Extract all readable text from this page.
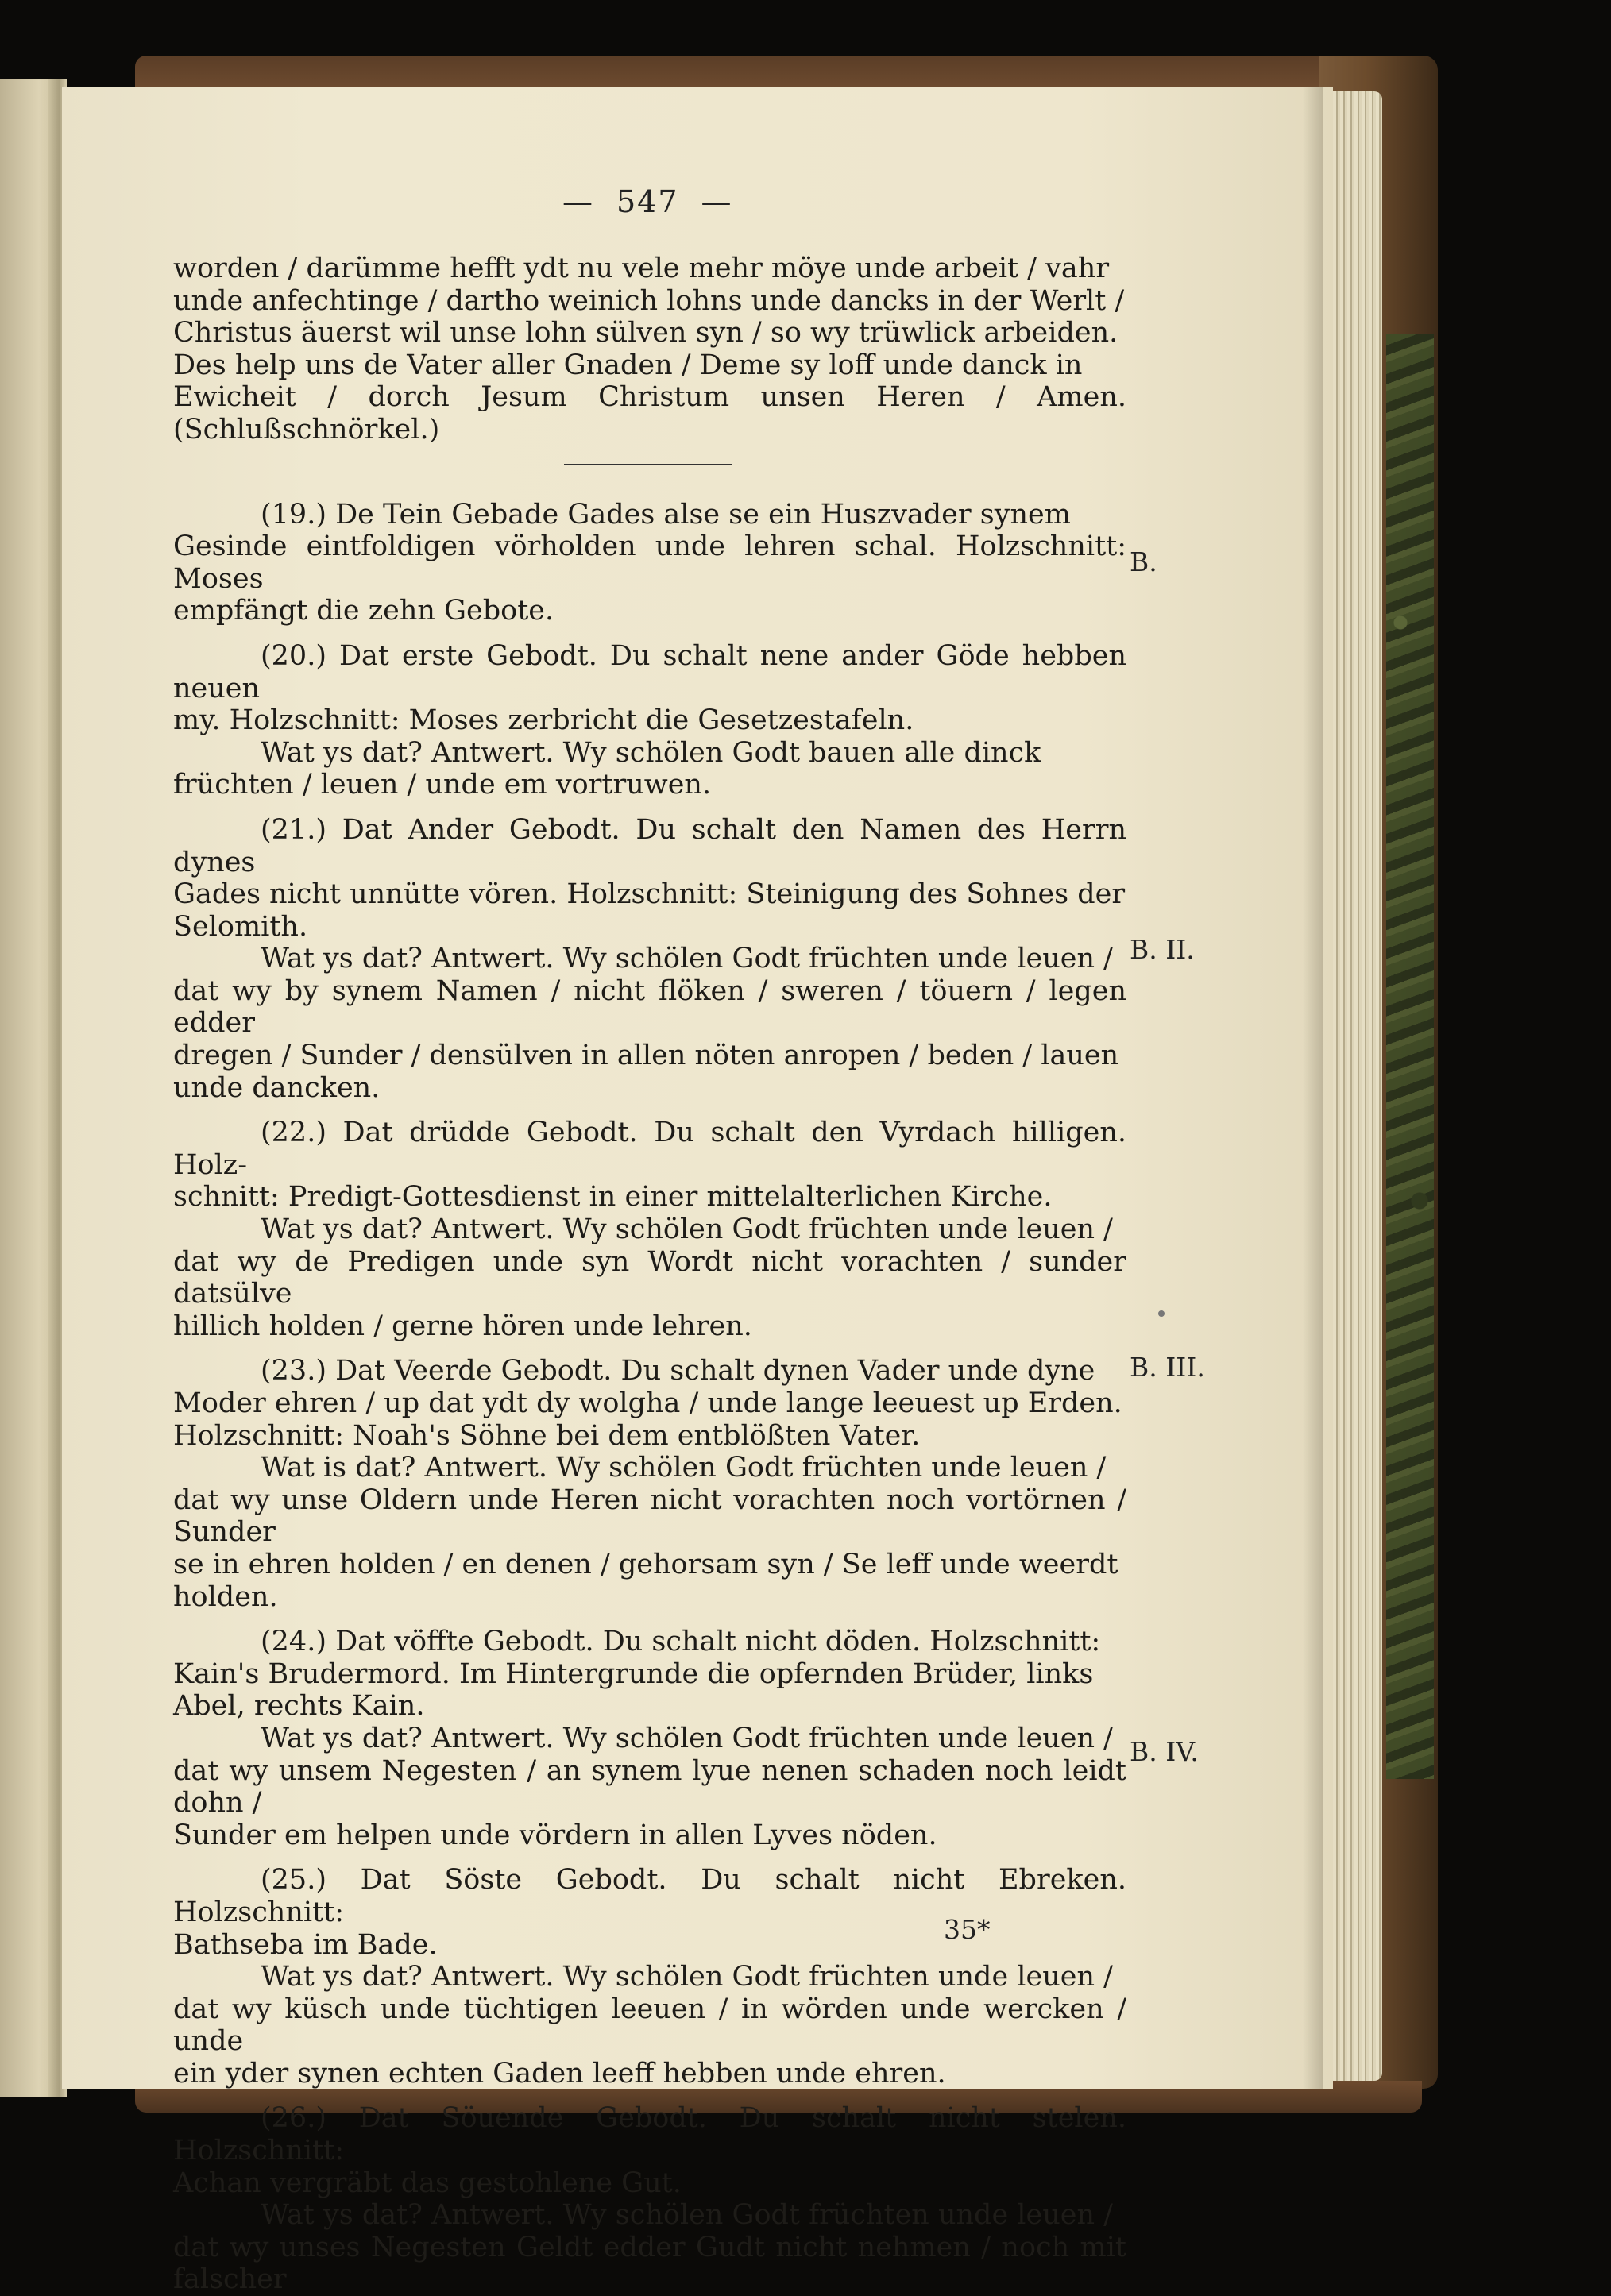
— 547 —
worden / darümme hefft ydt nu vele mehr möye unde arbeit / vahr
unde anfechtinge / dartho weinich lohns unde dancks in der Werlt /
Christus äuerst wil unse lohn sülven syn / so wy trüwlick arbeiden.
Des help uns de Vater aller Gnaden / Deme sy loff unde danck in
Ewicheit / dorch Jesum Christum unsen Heren / Amen. (Schlußschnörkel.)
(19.) De Tein Gebade Gades alse se ein Huszvader synem
Gesinde eintfoldigen vörholden unde lehren schal. Holzschnitt: Moses
empfängt die zehn Gebote.
(20.) Dat erste Gebodt. Du schalt nene ander Göde hebben neuen
my. Holzschnitt: Moses zerbricht die Gesetzestafeln.
Wat ys dat? Antwert. Wy schölen Godt bauen alle dinck
früchten / leuen / unde em vortruwen.
(21.) Dat Ander Gebodt. Du schalt den Namen des Herrn dynes
Gades nicht unnütte vören. Holzschnitt: Steinigung des Sohnes der
Selomith.
Wat ys dat? Antwert. Wy schölen Godt früchten unde leuen /
dat wy by synem Namen / nicht flöken / sweren / töuern / legen edder
dregen / Sunder / densülven in allen nöten anropen / beden / lauen
unde dancken.
(22.) Dat drüdde Gebodt. Du schalt den Vyrdach hilligen. Holz-
schnitt: Predigt-Gottesdienst in einer mittelalterlichen Kirche.
Wat ys dat? Antwert. Wy schölen Godt früchten unde leuen /
dat wy de Predigen unde syn Wordt nicht vorachten / sunder datsülve
hillich holden / gerne hören unde lehren.
(23.) Dat Veerde Gebodt. Du schalt dynen Vader unde dyne
Moder ehren / up dat ydt dy wolgha / unde lange leeuest up Erden.
Holzschnitt: Noah's Söhne bei dem entblößten Vater.
Wat is dat? Antwert. Wy schölen Godt früchten unde leuen /
dat wy unse Oldern unde Heren nicht vorachten noch vortörnen / Sunder
se in ehren holden / en denen / gehorsam syn / Se leff unde weerdt
holden.
(24.) Dat vöffte Gebodt. Du schalt nicht döden. Holzschnitt:
Kain's Brudermord. Im Hintergrunde die opfernden Brüder, links
Abel, rechts Kain.
Wat ys dat? Antwert. Wy schölen Godt früchten unde leuen /
dat wy unsem Negesten / an synem lyue nenen schaden noch leidt dohn /
Sunder em helpen unde vördern in allen Lyves nöden.
(25.) Dat Söste Gebodt. Du schalt nicht Ebreken. Holzschnitt:
Bathseba im Bade.
Wat ys dat? Antwert. Wy schölen Godt früchten unde leuen /
dat wy küsch unde tüchtigen leeuen / in wörden unde wercken / unde
ein yder synen echten Gaden leeff hebben unde ehren.
(26.) Dat Söuende Gebodt. Du schalt nicht stelen. Holzschnitt:
Achan vergräbt das gestohlene Gut.
Wat ys dat? Antwert. Wy schölen Godt früchten unde leuen /
dat wy unses Negesten Geldt edder Gudt nicht nehmen / noch mit falscher
B.
B. II.
B. III.
B. IV.
35*
